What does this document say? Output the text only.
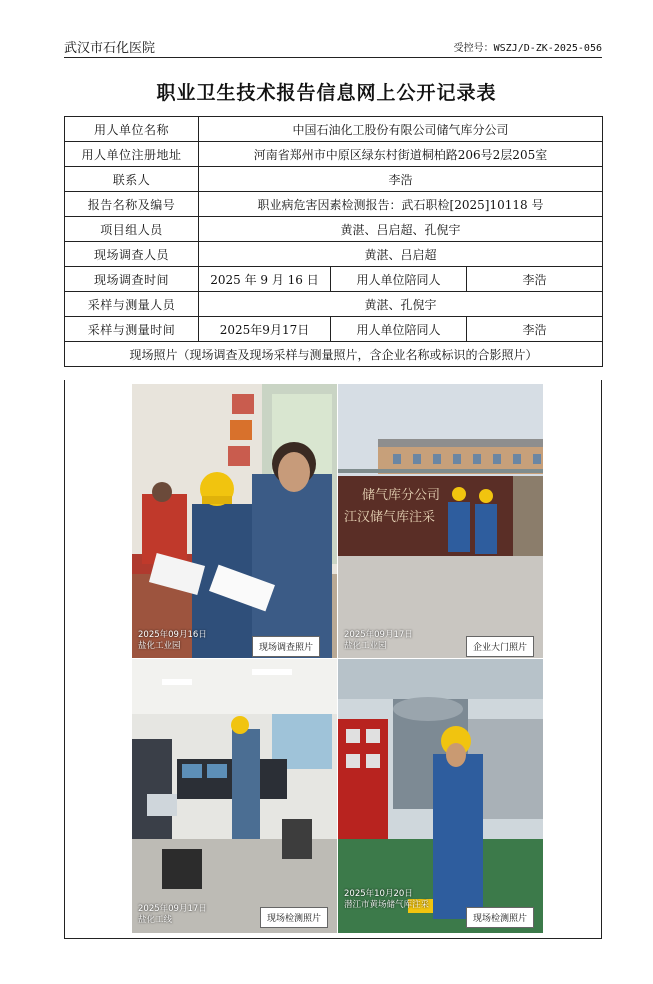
武汉市石化医院	受控号：WSZJ/D-ZK-2025-056
职业卫生技术报告信息网上公开记录表
用人单位名称	中国石油化工股份有限公司储气库分公司		
用人单位注册地址	河南省郑州市中原区绿东村街道桐柏路206号2层205室		
联系人	李浩		
报告名称及编号	职业病危害因素检测报告：武石职检[2025]10118 号		
项目组人员	黄湛、吕启超、孔倪宇		
现场调查人员	黄湛、吕启超		
现场调查时间	2025 年 9 月 16 日	用人单位陪同人	李浩
采样与测量人员	黄湛、孔倪宇		
采样与测量时间	2025年9月17日	用人单位陪同人	李浩
现场照片（现场调查及现场采样与测量照片，含企业名称或标识的合影照片）			
2025年09月16日
盐化工业园	现场调查照片
储气库分公司
江汉储气库注采
2025年09月17日
盐化工业园	企业大门照片
2025年09月17日
盐化工线	现场检测照片
2025年10月20日
潜江市黄场储气库注采
现场检测照片
